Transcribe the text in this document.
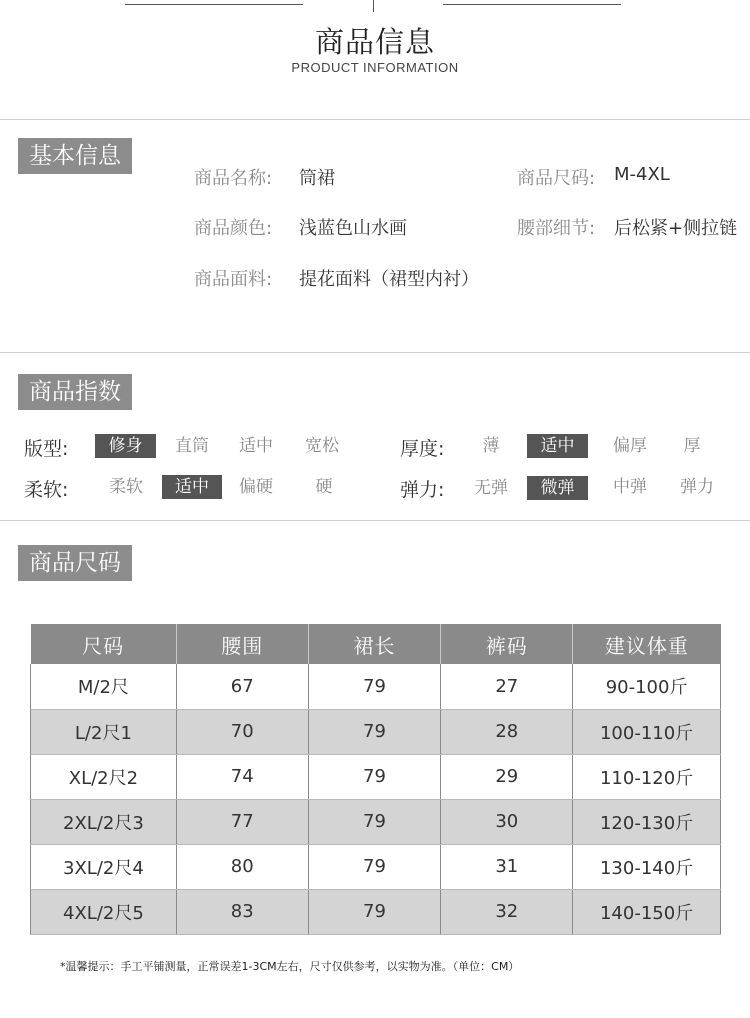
商品信息
PRODUCT INFORMATION
基本信息
商品名称: 筒裙	商品尺码: M-4XL
商品颜色: 浅蓝色山水画	腰部细节: 后松紧+侧拉链
商品面料: 提花面料（裙型内衬）
商品指数
版型:	修身	直筒	适中	宽松	厚度:	薄	适中	偏厚	厚
柔软:	柔软	适中	偏硬	硬	弹力:	无弹	微弹	中弹	弹力
商品尺码
尺码	腰围	裙长	裤码	建议体重
M/2尺	67	79	27	90-100斤
L/2尺1	70	79	28	100-110斤
XL/2尺2	74	79	29	110-120斤
2XL/2尺3	77	79	30	120-130斤
3XL/2尺4	80	79	31	130-140斤
4XL/2尺5	83	79	32	140-150斤
*温馨提示：手工平铺测量，正常误差1-3CM左右，尺寸仅供参考，以实物为准。（单位：CM）
